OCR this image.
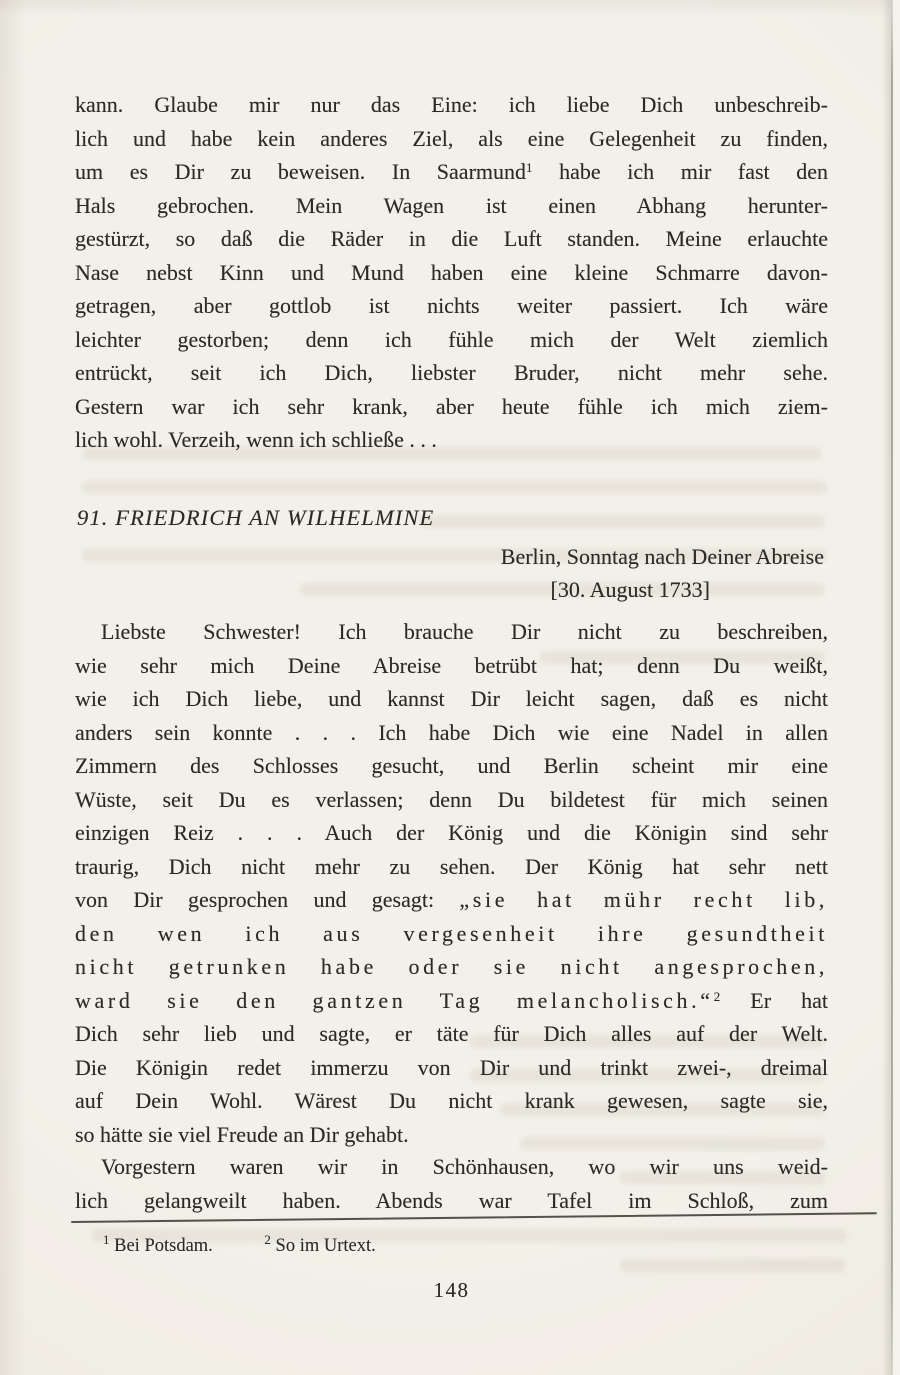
kann. Glaube mir nur das Eine: ich liebe Dich unbeschreib-
lich und habe kein anderes Ziel, als eine Gelegenheit zu finden,
um es Dir zu beweisen. In Saarmund$^1$ habe ich mir fast den
Hals gebrochen. Mein Wagen ist einen Abhang herunter-
gestürzt, so daß die Räder in die Luft standen. Meine erlauchte
Nase nebst Kinn und Mund haben eine kleine Schmarre davon-
getragen, aber gottlob ist nichts weiter passiert. Ich wäre
leichter gestorben; denn ich fühle mich der Welt ziemlich
entrückt, seit ich Dich, liebster Bruder, nicht mehr sehe.
Gestern war ich sehr krank, aber heute fühle ich mich ziem-
lich wohl. Verzeih, wenn ich schließe . . .
91. FRIEDRICH AN WILHELMINE
Berlin, Sonntag nach Deiner Abreise
[30. August 1733]
Liebste Schwester! Ich brauche Dir nicht zu beschreiben,
wie sehr mich Deine Abreise betrübt hat; denn Du weißt,
wie ich Dich liebe, und kannst Dir leicht sagen, daß es nicht
anders sein konnte . . . Ich habe Dich wie eine Nadel in allen
Zimmern des Schlosses gesucht, und Berlin scheint mir eine
Wüste, seit Du es verlassen; denn Du bildetest für mich seinen
einzigen Reiz . . . Auch der König und die Königin sind sehr
traurig, Dich nicht mehr zu sehen. Der König hat sehr nett
von Dir gesprochen und gesagt: „sie hat mühr recht lib,
den wen ich aus vergesenheit ihre gesundtheit
nicht getrunken habe oder sie nicht angesprochen,
ward sie den gantzen Tag melancholisch.“$^2$ Er hat
Dich sehr lieb und sagte, er täte für Dich alles auf der Welt.
Die Königin redet immerzu von Dir und trinkt zwei-, dreimal
auf Dein Wohl. Wärest Du nicht krank gewesen, sagte sie,
so hätte sie viel Freude an Dir gehabt.
Vorgestern waren wir in Schönhausen, wo wir uns weid-
lich gelangweilt haben. Abends war Tafel im Schloß, zum
$^1$ Bei Potsdam.	$^2$ So im Urtext.
148
